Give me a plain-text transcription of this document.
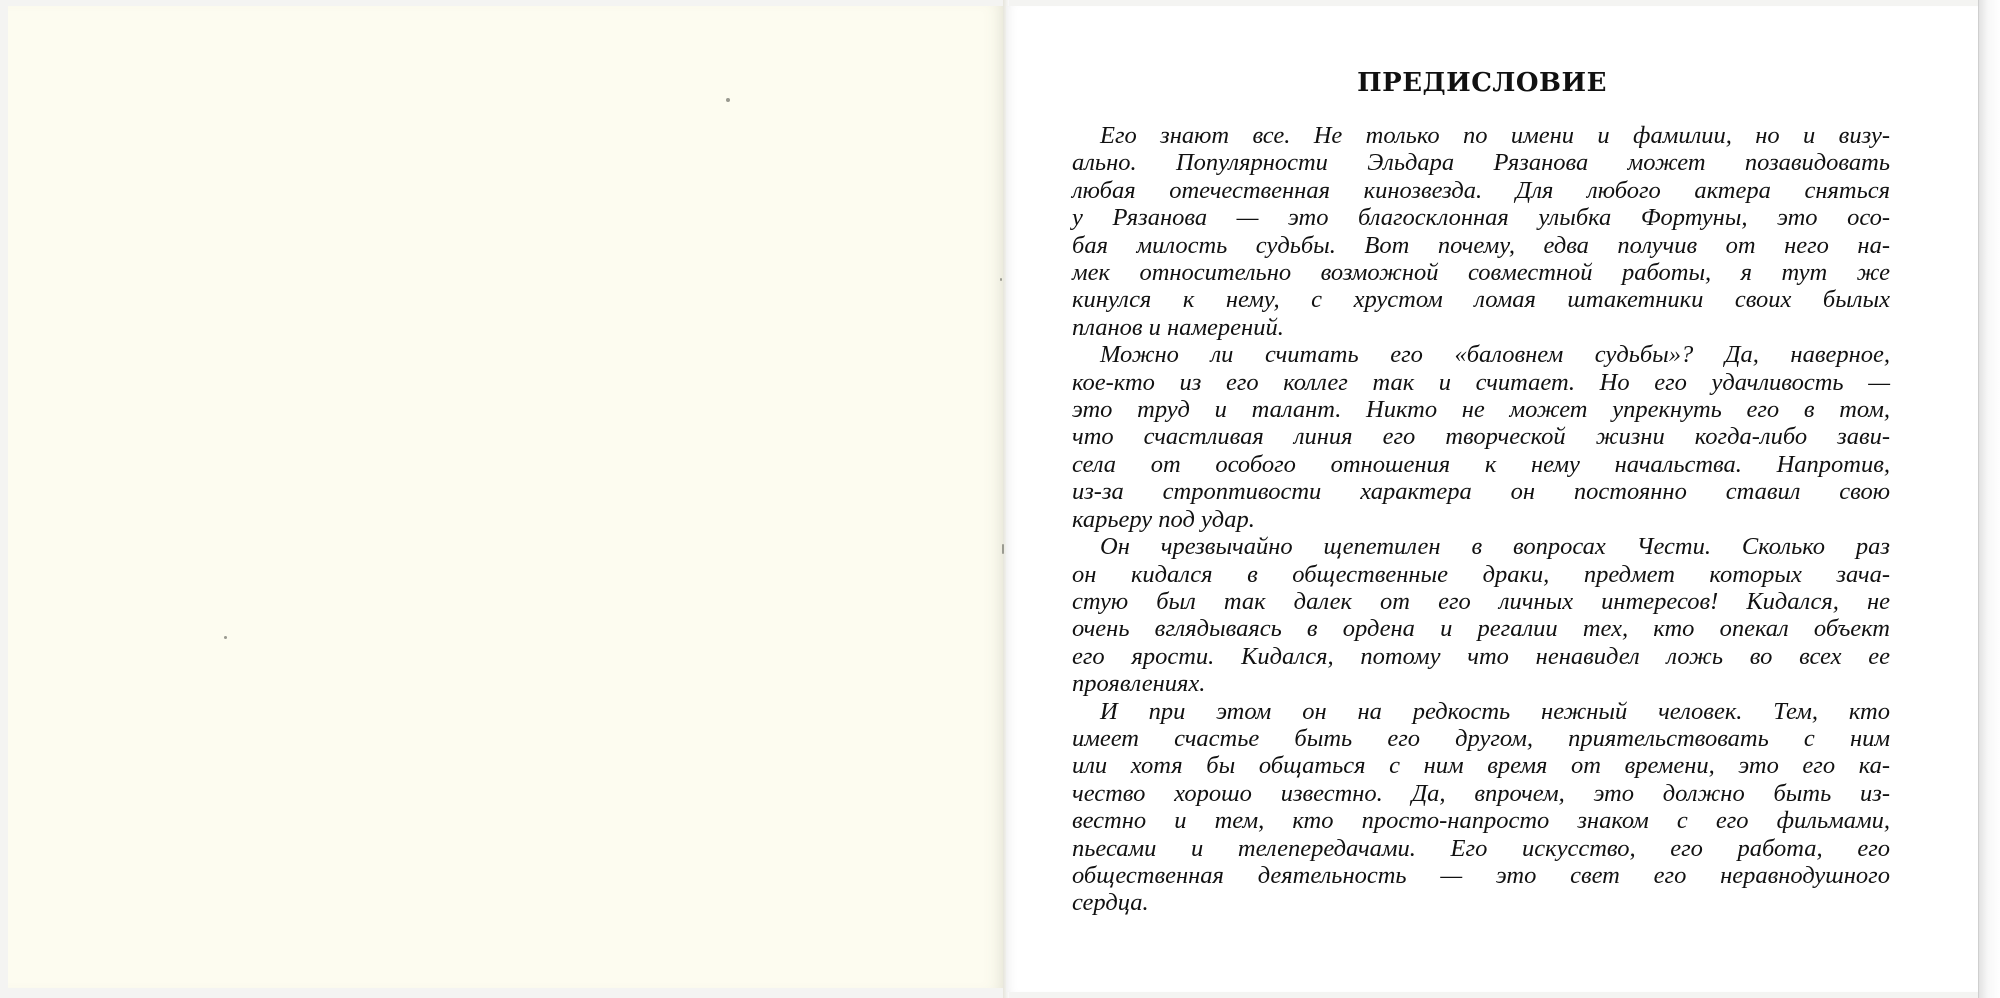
ПРЕДИСЛОВИЕ

Его знают все. Не только по имени и фамилии, но и визу-
ально. Популярности Эльдара Рязанова может позавидовать
любая отечественная кинозвезда. Для любого актера сняться
у Рязанова — это благосклонная улыбка Фортуны, это осо-
бая милость судьбы. Вот почему, едва получив от него на-
мек относительно возможной совместной работы, я тут же
кинулся к нему, с хрустом ломая штакетники своих былых
планов и намерений.

Можно ли считать его «баловнем судьбы»? Да, наверное,
кое-кто из его коллег так и считает. Но его удачливость —
это труд и талант. Никто не может упрекнуть его в том,
что счастливая линия его творческой жизни когда-либо зави-
села от особого отношения к нему начальства. Напротив,
из-за строптивости характера он постоянно ставил свою
карьеру под удар.

Он чрезвычайно щепетилен в вопросах Чести. Сколько раз
он кидался в общественные драки, предмет которых зача-
стую был так далек от его личных интересов! Кидался, не
очень вглядываясь в ордена и регалии тех, кто опекал объект
его ярости. Кидался, потому что ненавидел ложь во всех ее
проявлениях.

И при этом он на редкость нежный человек. Тем, кто
имеет счастье быть его другом, приятельствовать с ним
или хотя бы общаться с ним время от времени, это его ка-
чество хорошо известно. Да, впрочем, это должно быть из-
вестно и тем, кто просто-напросто знаком с его фильмами,
пьесами и телепередачами. Его искусство, его работа, его
общественная деятельность — это свет его неравнодушного
сердца.
